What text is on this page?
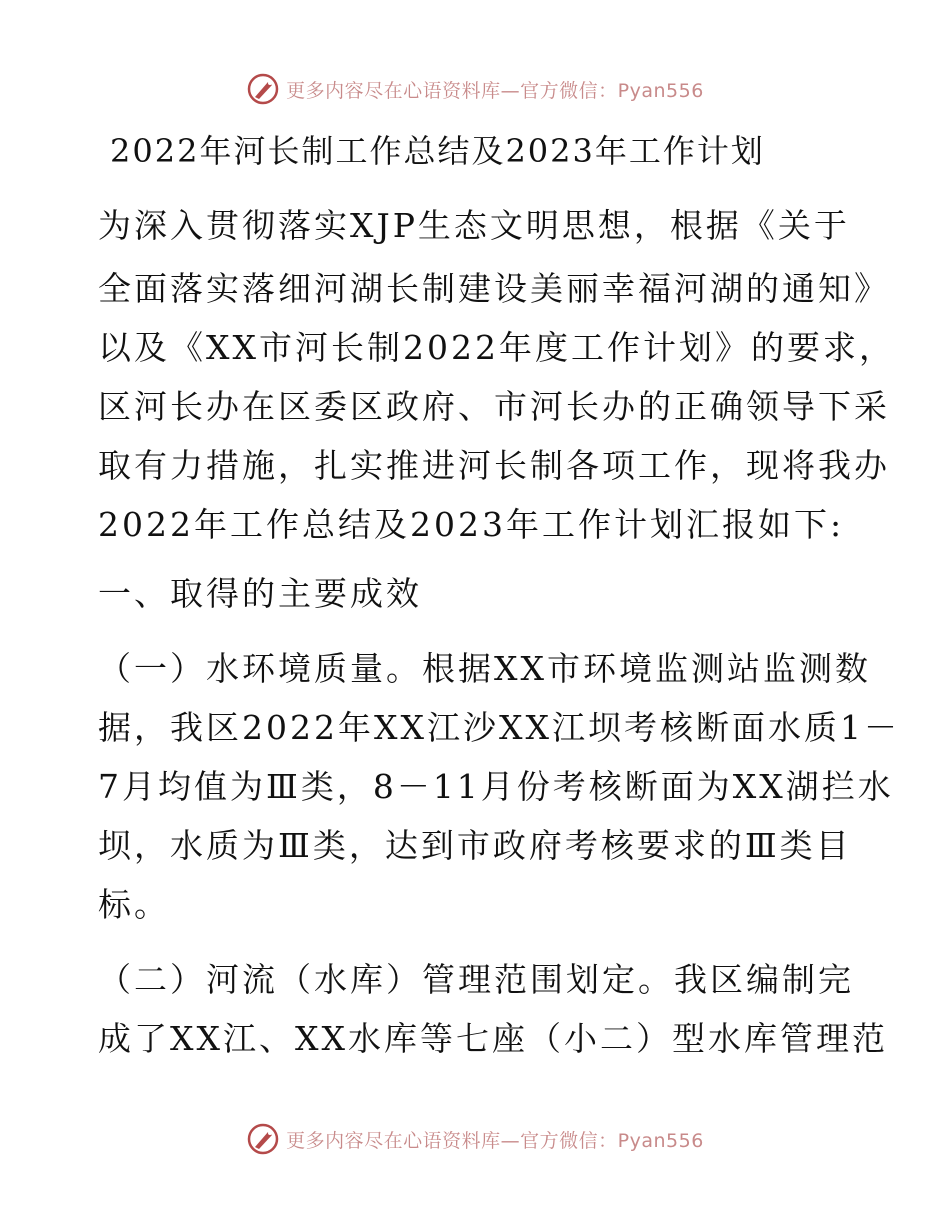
更多内容尽在心语资料库—官方微信：Pyan556
2022年河长制工作总结及2023年工作计划

为深入贯彻落实XJP生态文明思想，根据《关于

全面落实落细河湖长制建设美丽幸福河湖的通知》

以及《XX市河长制2022年度工作计划》的要求，

区河长办在区委区政府、市河长办的正确领导下采

取有力措施，扎实推进河长制各项工作，现将我办

2022年工作总结及2023年工作计划汇报如下:

一、取得的主要成效

（一）水环境质量。根据XX市环境监测站监测数

据，我区2022年XX江沙XX江坝考核断面水质1－

7月均值为Ⅲ类，8－11月份考核断面为XX湖拦水

坝，水质为Ⅲ类，达到市政府考核要求的Ⅲ类目

标。

（二）河流（水库）管理范围划定。我区编制完

成了XX江、XX水库等七座（小二）型水库管理范

更多内容尽在心语资料库—官方微信：Pyan556
